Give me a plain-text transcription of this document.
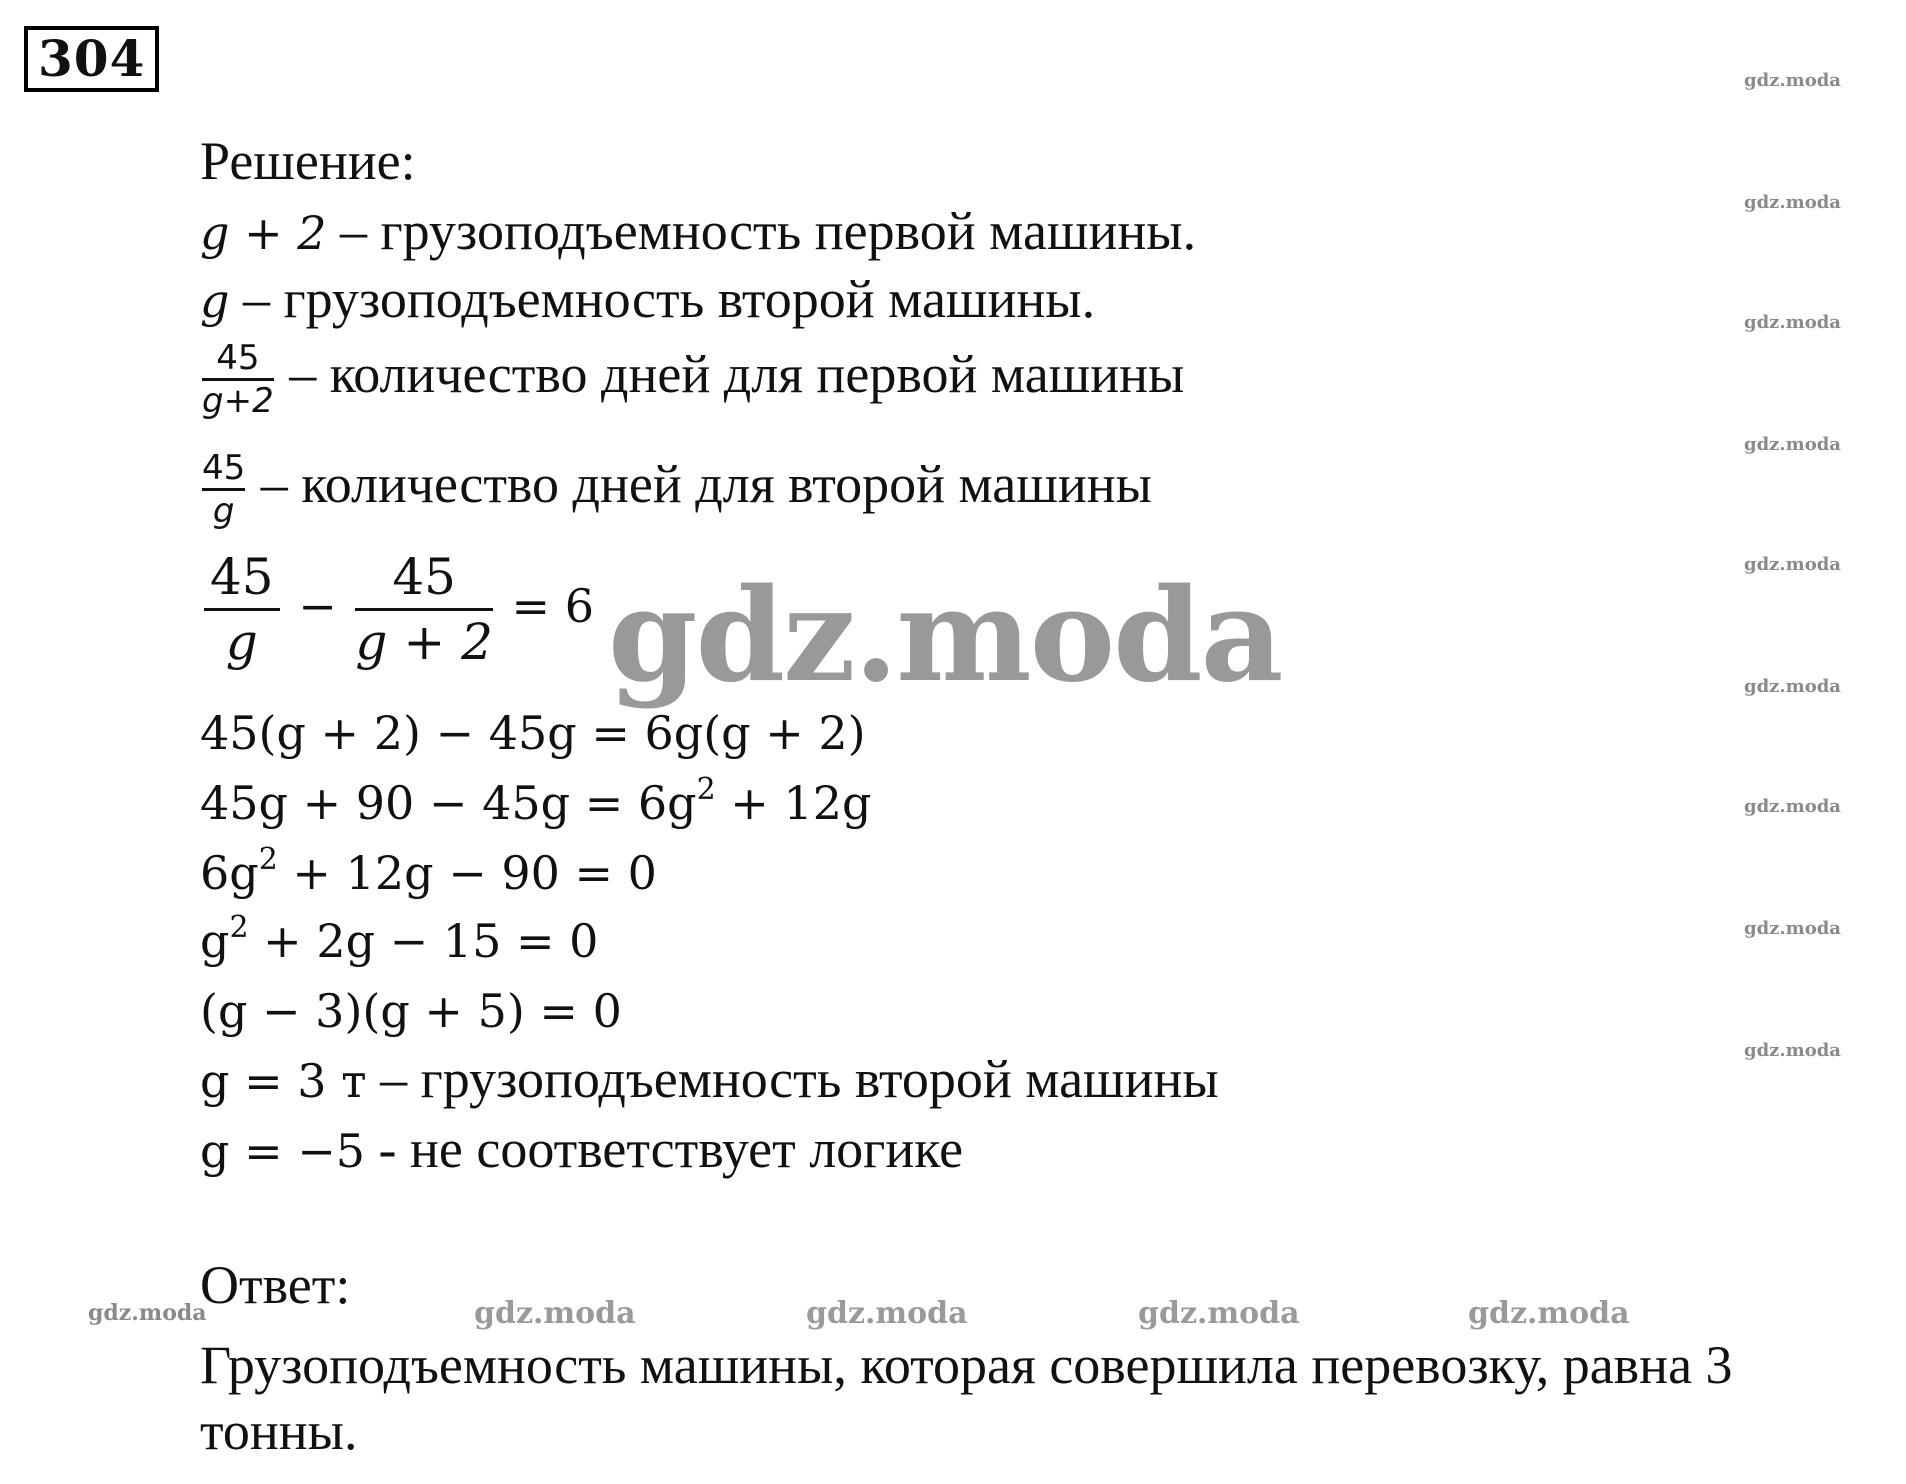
304
Решение:
g + 2 – грузоподъемность первой машины.
g – грузоподъемность второй машины.
$\frac{45}{g+2}$ – количество дней для первой машины
$\frac{45}{g}$ – количество дней для второй машины
$\frac{45}{g} - \frac{45}{g + 2} = 6$
45(g + 2) − 45g = 6g(g + 2)
$45g + 90 - 45g = 6g^2 + 12g$
$6g^2 + 12g - 90 = 0$
$g^2 + 2g - 15 = 0$
(g − 3)(g + 5) = 0
g = 3 т – грузоподъемность второй машины
g = −5 - не соответствует логике
Ответ:
Грузоподъемность машины, которая совершила перевозку, равна 3
тонны.
gdz.moda
gdz.moda
gdz.moda
gdz.moda
gdz.moda
gdz.moda
gdz.moda
gdz.moda
gdz.moda
gdz.moda
gdz.moda	gdz.moda	gdz.moda	gdz.moda	gdz.moda
